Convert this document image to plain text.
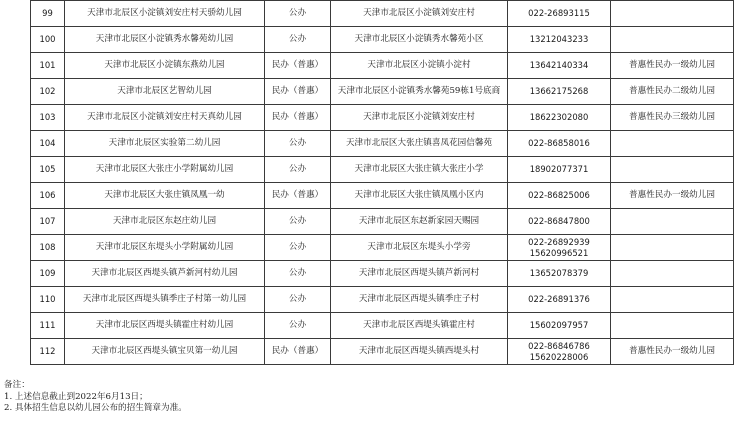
99	天津市北辰区小淀镇刘安庄村天骄幼儿园	公办	天津市北辰区小淀镇刘安庄村	022-26893115	

100	天津市北辰区小淀镇秀水馨苑幼儿园	公办	天津市北辰区小淀镇秀水馨苑小区	13212043233	

101	天津市北辰区小淀镇东燕幼儿园	民办（普惠）	天津市北辰区小淀镇小淀村	13642140334	普惠性民办一级幼儿园
102	天津市北辰区艺智幼儿园	民办（普惠）	天津市北辰区小淀镇秀水馨苑59栋1号底商	13662175268	普惠性民办二级幼儿园
103	天津市北辰区小淀镇刘安庄村天真幼儿园	民办（普惠）	天津市北辰区小淀镇刘安庄村	18622302080	普惠性民办三级幼儿园
104	天津市北辰区实验第二幼儿园	公办	天津市北辰区大张庄镇喜凤花园信馨苑	022-86858016	

105	天津市北辰区大张庄小学附属幼儿园	公办	天津市北辰区大张庄镇大张庄小学	18902077371	

106	天津市北辰区大张庄镇凤凰一幼	民办（普惠）	天津市北辰区大张庄镇凤凰小区内	022-86825006	普惠性民办一级幼儿园
107	天津市北辰区东赵庄幼儿园	公办	天津市北辰区东赵新家园天赐园	022-86847800	

108	天津市北辰区东堤头小学附属幼儿园	公办	天津市北辰区东堤头小学旁	022-26892939
15620996521	

109	天津市北辰区西堤头镇芦新河村幼儿园	公办	天津市北辰区西堤头镇芦新河村	13652078379	

110	天津市北辰区西堤头镇季庄子村第一幼儿园	公办	天津市北辰区西堤头镇季庄子村	022-26891376	

111	天津市北辰区西堤头镇霍庄村幼儿园	公办	天津市北辰区西堤头镇霍庄村	15602097957	

112	天津市北辰区西堤头镇宝贝第一幼儿园	民办（普惠）	天津市北辰区西堤头镇西堤头村	022-86846786
15620228006	普惠性民办一级幼儿园
备注：
1. 上述信息截止到2022年6月13日；
2. 具体招生信息以幼儿园公布的招生简章为准。
